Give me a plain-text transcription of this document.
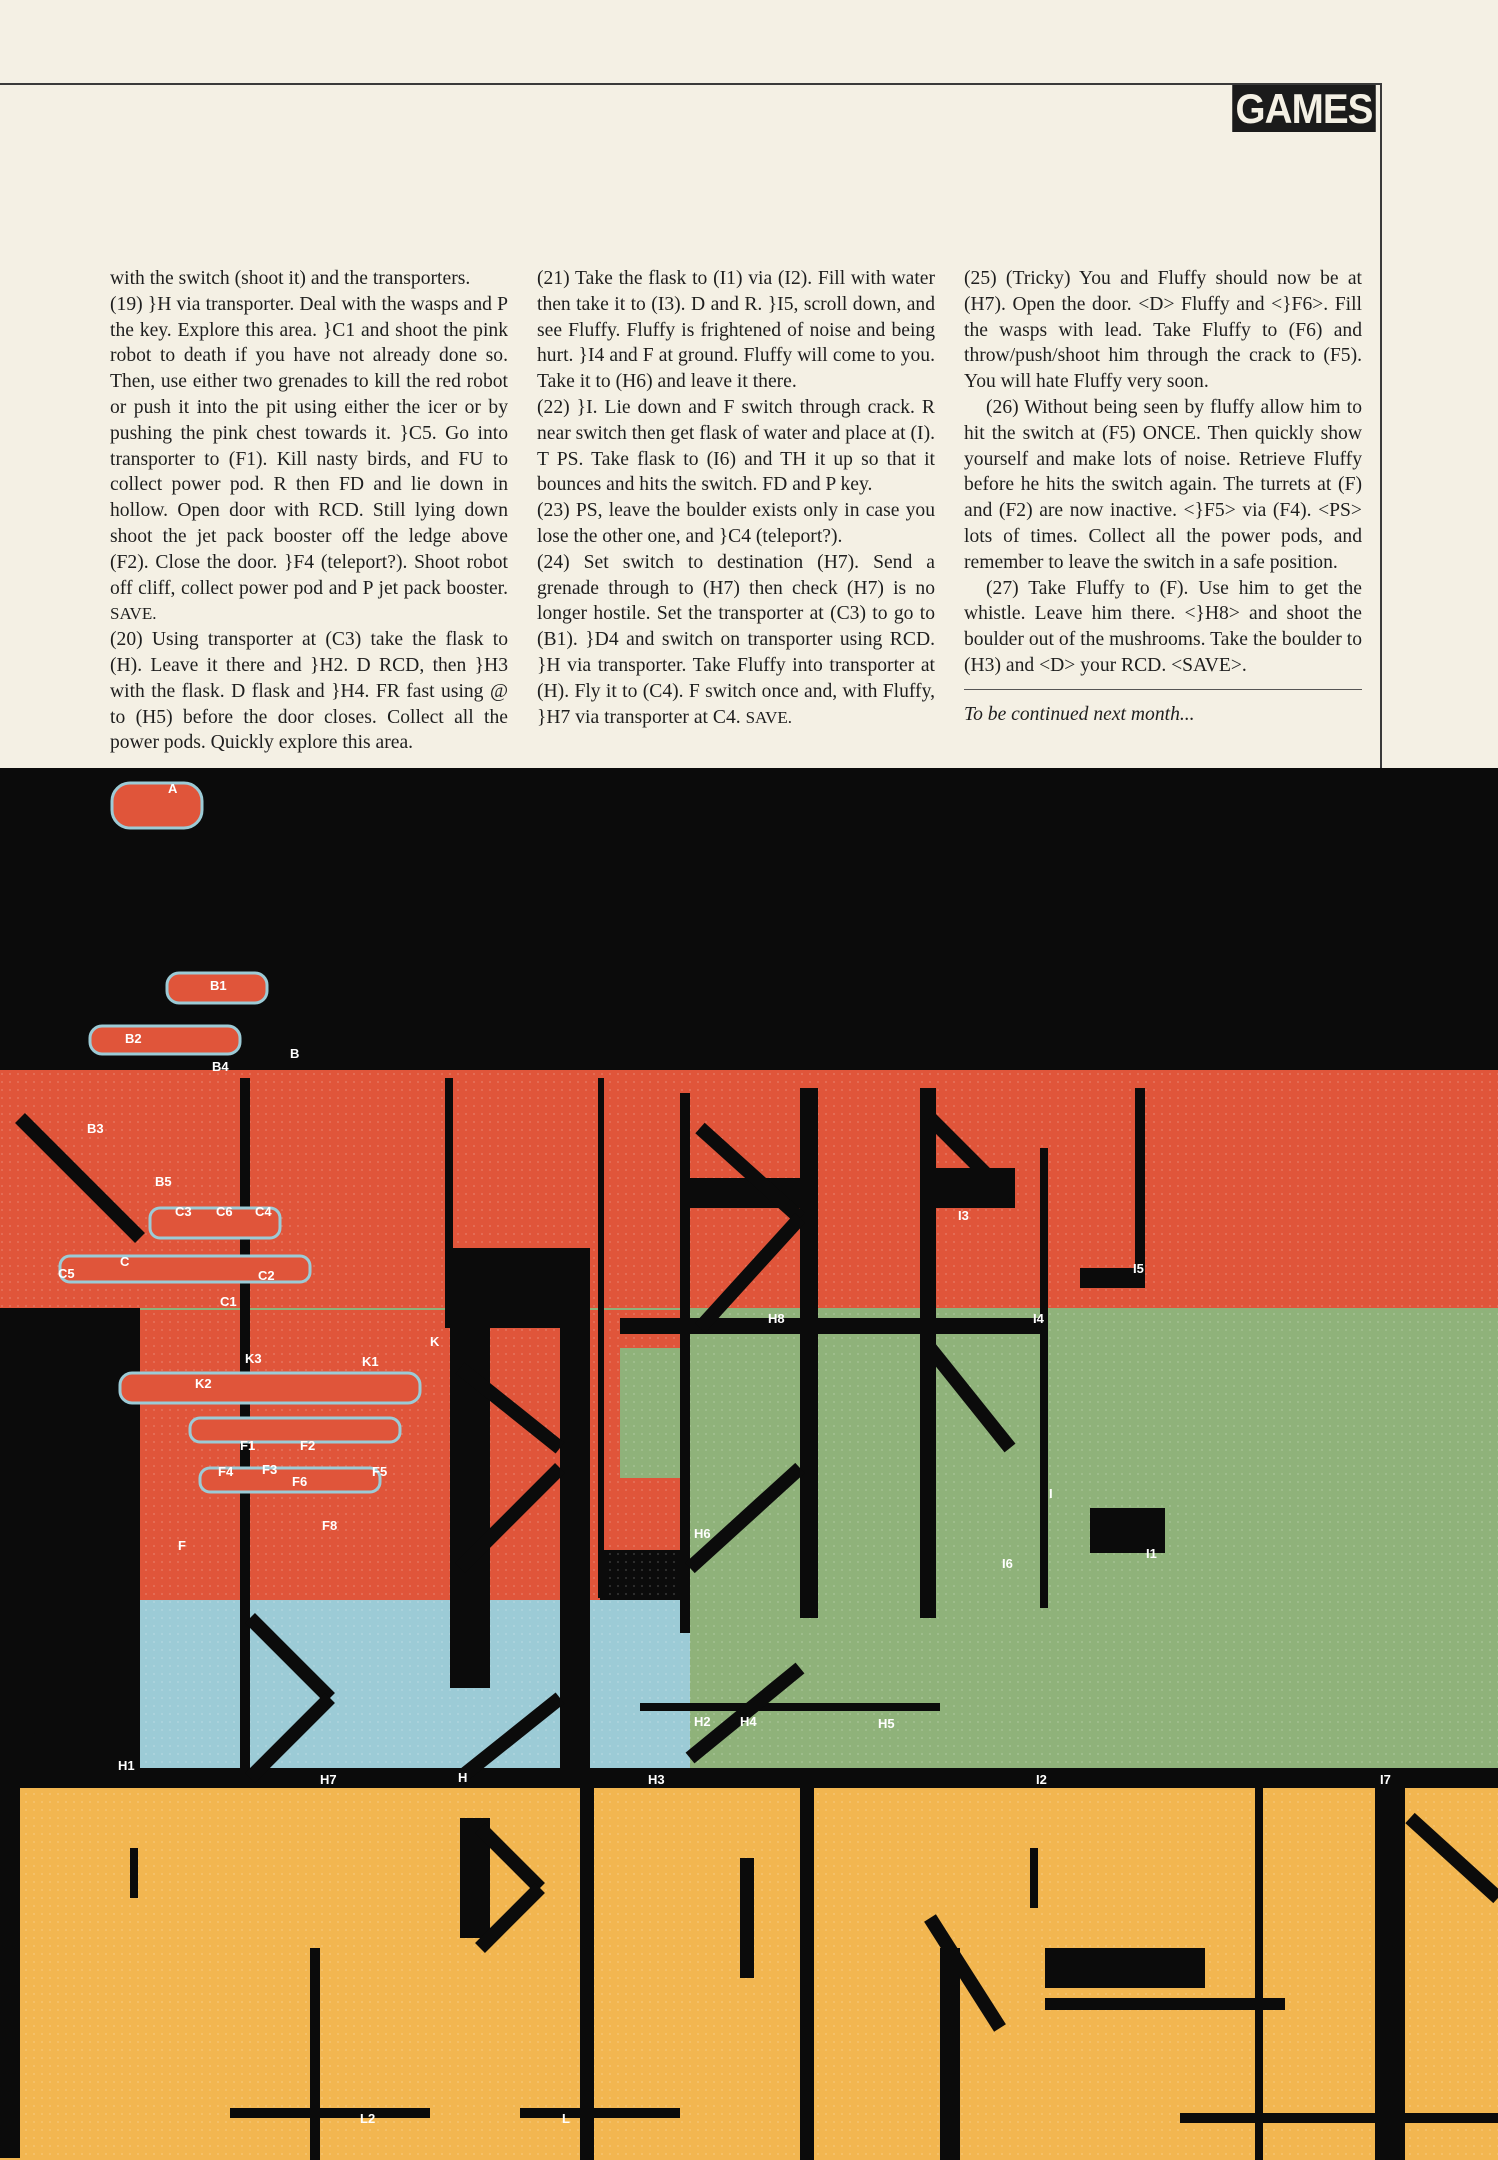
GAMES

with the switch (shoot it) and the transporters.

(19) }H via transporter. Deal with the wasps and P the key. Explore this area. }C1 and shoot the pink robot to death if you have not already done so. Then, use either two grenades to kill the red robot or push it into the pit using either the icer or by pushing the pink chest towards it. }C5. Go into transporter to (F1). Kill nasty birds, and FU to collect power pod. R then FD and lie down in hollow. Open door with RCD. Still lying down shoot the jet pack booster off the ledge above (F2). Close the door. }F4 (teleport?). Shoot robot off cliff, collect power pod and P jet pack booster. SAVE.

(20) Using transporter at (C3) take the flask to (H). Leave it there and }H2. D RCD, then }H3 with the flask. D flask and }H4. FR fast using @ to (H5) before the door closes. Collect all the power pods. Quickly explore this area.

(21) Take the flask to (I1) via (I2). Fill with water then take it to (I3). D and R. }I5, scroll down, and see Fluffy. Fluffy is frightened of noise and being hurt. }I4 and F at ground. Fluffy will come to you. Take it to (H6) and leave it there.

(22) }I. Lie down and F switch through crack. R near switch then get flask of water and place at (I). T PS. Take flask to (I6) and TH it up so that it bounces and hits the switch. FD and P key.

(23) PS, leave the boulder exists only in case you lose the other one, and }C4 (teleport?).

(24) Set switch to destination (H7). Send a grenade through to (H7) then check (H7) is no longer hostile. Set the transporter at (C3) to go to (B1). }D4 and switch on transporter using RCD. }H via transporter. Take Fluffy into transporter at (H). Fly it to (C4). F switch once and, with Fluffy, }H7 via transporter at C4. SAVE.

(25) (Tricky) You and Fluffy should now be at (H7). Open the door. <D> Fluffy and <}F6>. Fill the wasps with lead. Take Fluffy to (F6) and throw/push/shoot him through the crack to (F5). You will hate Fluffy very soon.

(26) Without being seen by fluffy allow him to hit the switch at (F5) ONCE. Then quickly show yourself and make lots of noise. Retrieve Fluffy before he hits the switch again. The turrets at (F) and (F2) are now inactive. <}F5> via (F4). <PS> lots of times. Collect all the power pods, and remember to leave the switch in a safe position.

(27) Take Fluffy to (F). Use him to get the whistle. Leave him there. <}H8> and shoot the boulder out of the mushrooms. Take the boulder to (H3) and <D> your RCD. <SAVE>.

To be continued next month...

A
B1
B2
B4
B
B3
B5
C3 C6 C4
C
C5	C2
C1
K
K3	K1
K2
F1	F2
F4 F3
F6
F5
F8
F
I3
I5
H8	I4
H6
I
I6
I1
H2 H4	H5
H1
H7	H	H3	I2	I7
L2	L
